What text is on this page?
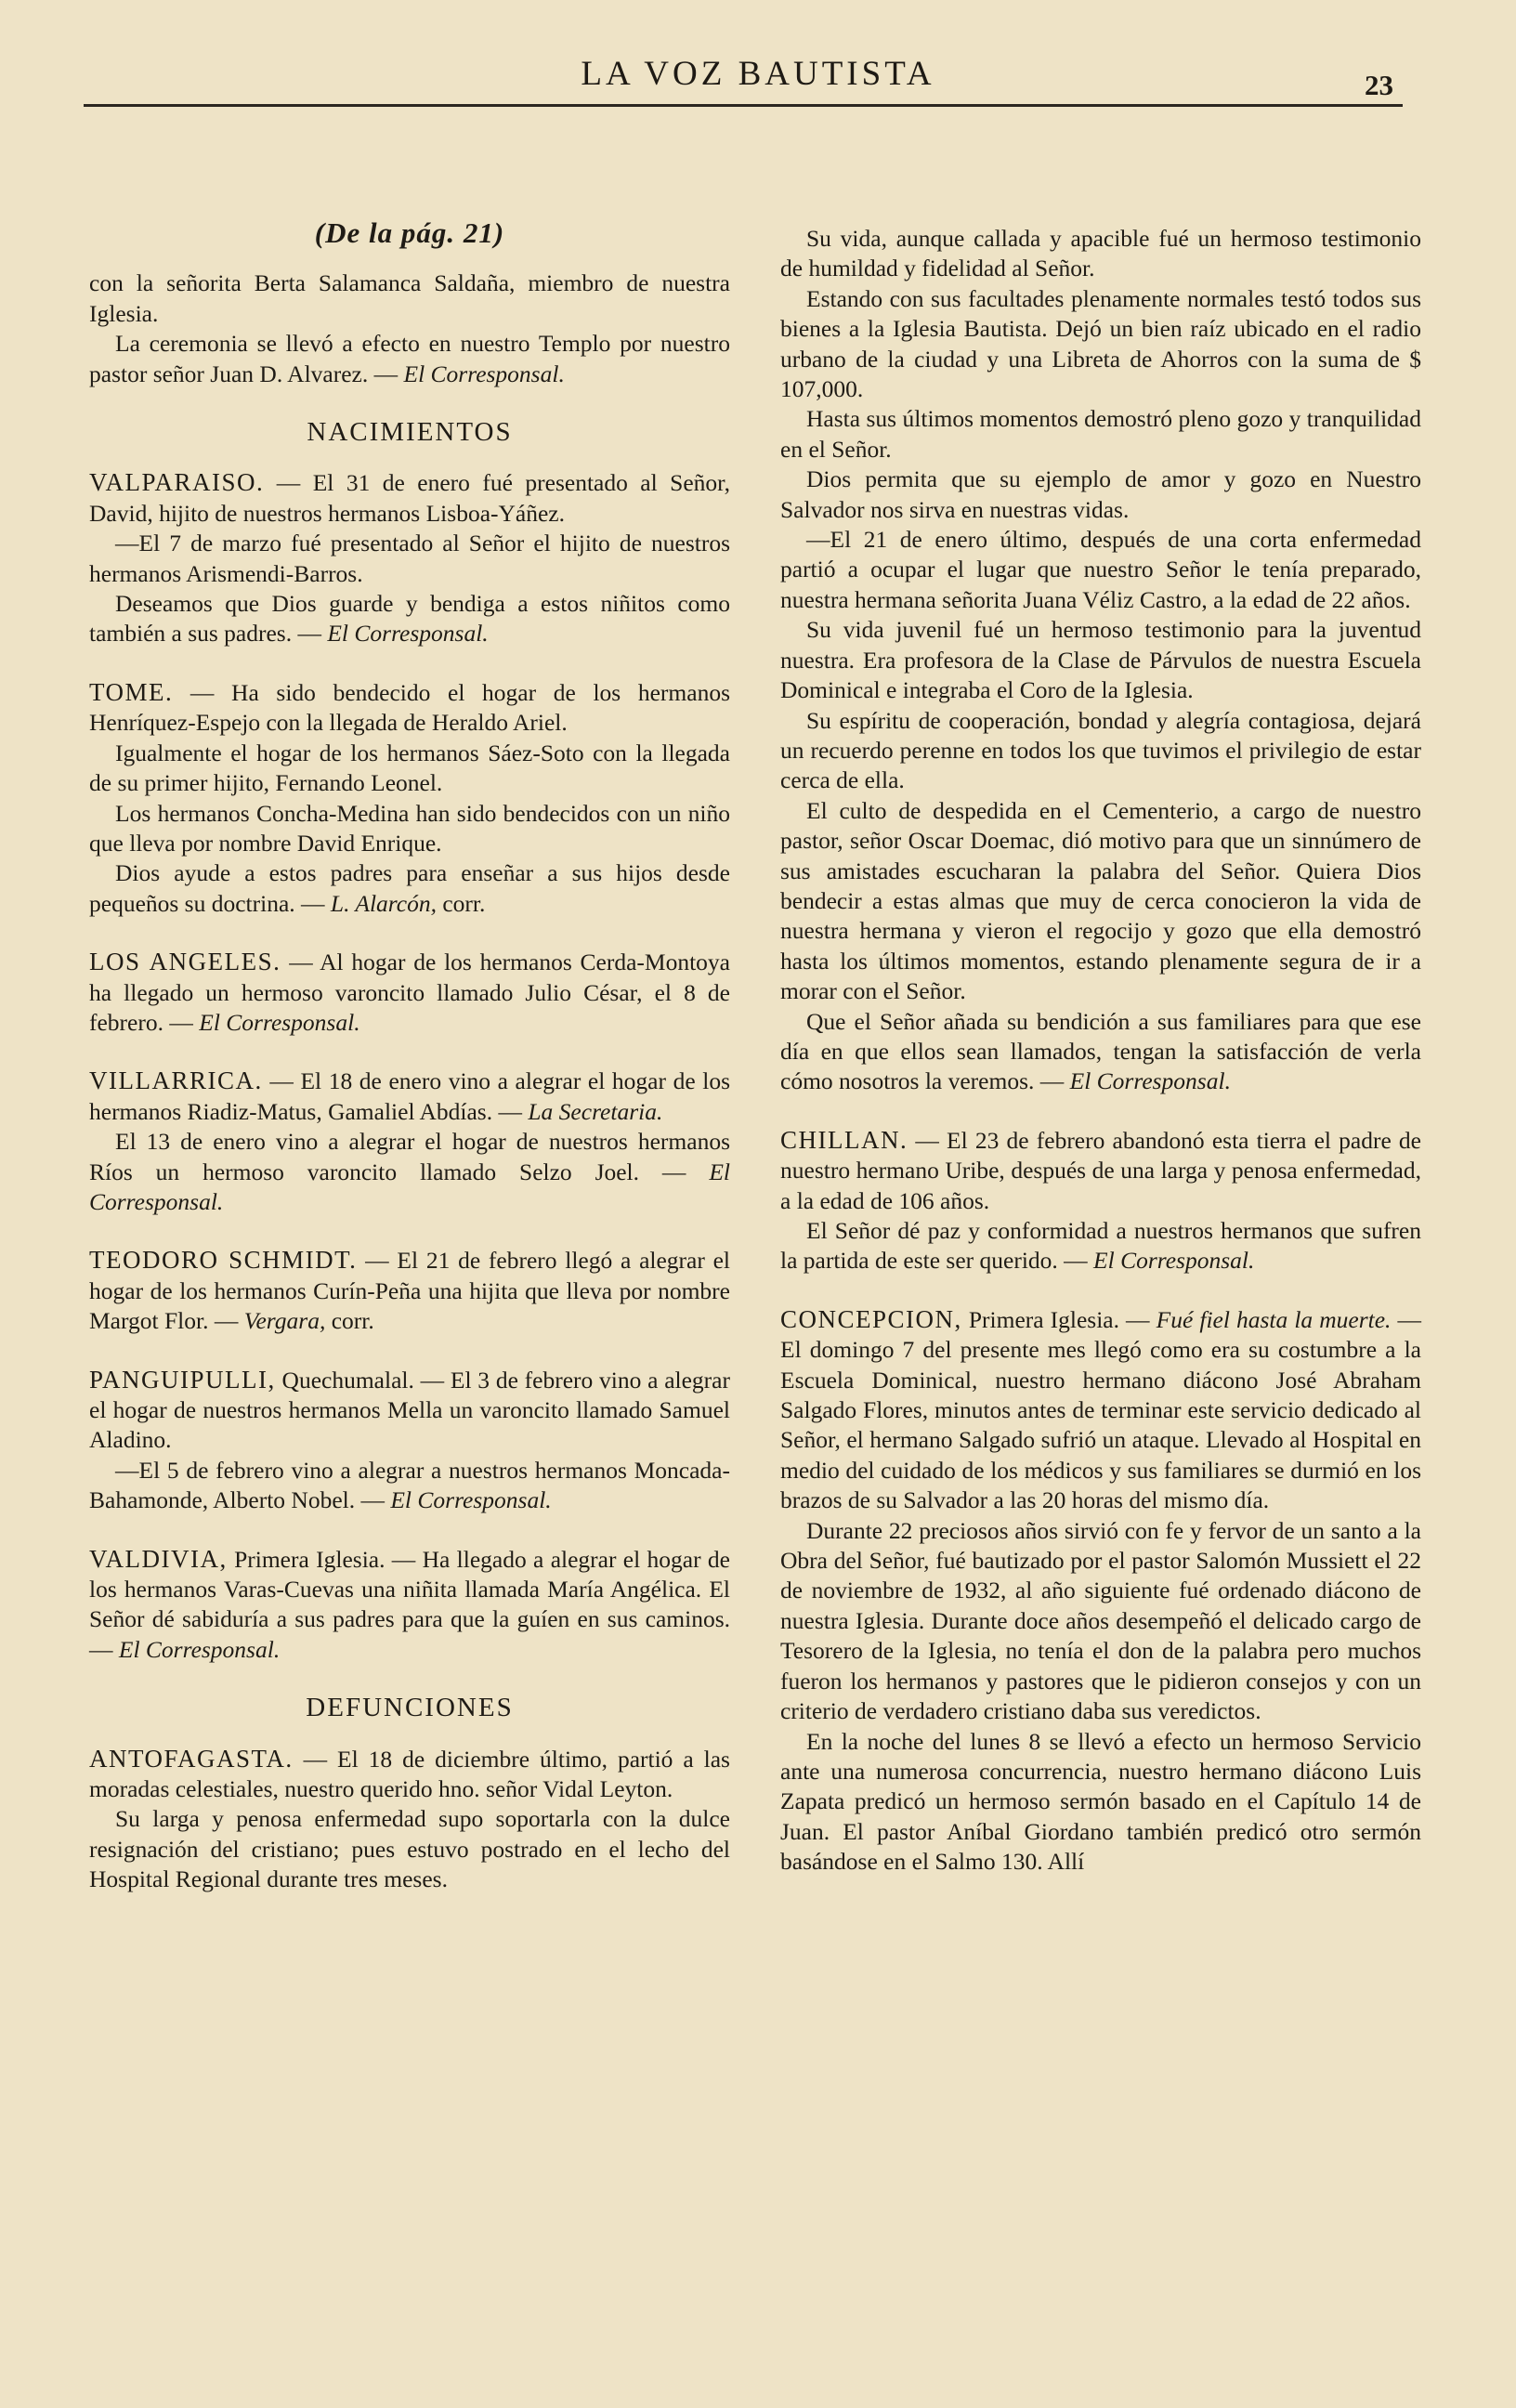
LA VOZ BAUTISTA	23
(De la pág. 21)

con la señorita Berta Salamanca Saldaña, miembro de nuestra Iglesia.

La ceremonia se llevó a efecto en nuestro Templo por nuestro pastor señor Juan D. Alvarez. — El Corresponsal.

NACIMIENTOS

VALPARAISO. — El 31 de enero fué presentado al Señor, David, hijito de nuestros hermanos Lisboa-Yáñez.

—El 7 de marzo fué presentado al Señor el hijito de nuestros hermanos Arismendi-Barros.

Deseamos que Dios guarde y bendiga a estos niñitos como también a sus padres. — El Corresponsal.

TOME. — Ha sido bendecido el hogar de los hermanos Henríquez-Espejo con la llegada de Heraldo Ariel.

Igualmente el hogar de los hermanos Sáez-Soto con la llegada de su primer hijito, Fernando Leonel.

Los hermanos Concha-Medina han sido bendecidos con un niño que lleva por nombre David Enrique.

Dios ayude a estos padres para enseñar a sus hijos desde pequeños su doctrina. — L. Alarcón, corr.

LOS ANGELES. — Al hogar de los hermanos Cerda-Montoya ha llegado un hermoso varoncito llamado Julio César, el 8 de febrero. — El Corresponsal.

VILLARRICA. — El 18 de enero vino a alegrar el hogar de los hermanos Riadiz-Matus, Gamaliel Abdías. — La Secretaria.

El 13 de enero vino a alegrar el hogar de nuestros hermanos Ríos un hermoso varoncito llamado Selzo Joel. — El Corresponsal.

TEODORO SCHMIDT. — El 21 de febrero llegó a alegrar el hogar de los hermanos Curín-Peña una hijita que lleva por nombre Margot Flor. — Vergara, corr.

PANGUIPULLI, Quechumalal. — El 3 de febrero vino a alegrar el hogar de nuestros hermanos Mella un varoncito llamado Samuel Aladino.

—El 5 de febrero vino a alegrar a nuestros hermanos Moncada-Bahamonde, Alberto Nobel. — El Corresponsal.

VALDIVIA, Primera Iglesia. — Ha llegado a alegrar el hogar de los hermanos Varas-Cuevas una niñita llamada María Angélica. El Señor dé sabiduría a sus padres para que la guíen en sus caminos. — El Corresponsal.

DEFUNCIONES

ANTOFAGASTA. — El 18 de diciembre último, partió a las moradas celestiales, nuestro querido hno. señor Vidal Leyton.

Su larga y penosa enfermedad supo soportarla con la dulce resignación del cristiano; pues estuvo postrado en el lecho del Hospital Regional durante tres meses.

Su vida, aunque callada y apacible fué un hermoso testimonio de humildad y fidelidad al Señor.

Estando con sus facultades plenamente normales testó todos sus bienes a la Iglesia Bautista. Dejó un bien raíz ubicado en el radio urbano de la ciudad y una Libreta de Ahorros con la suma de $ 107,000.

Hasta sus últimos momentos demostró pleno gozo y tranquilidad en el Señor.

Dios permita que su ejemplo de amor y gozo en Nuestro Salvador nos sirva en nuestras vidas.

—El 21 de enero último, después de una corta enfermedad partió a ocupar el lugar que nuestro Señor le tenía preparado, nuestra hermana señorita Juana Véliz Castro, a la edad de 22 años.

Su vida juvenil fué un hermoso testimonio para la juventud nuestra. Era profesora de la Clase de Párvulos de nuestra Escuela Dominical e integraba el Coro de la Iglesia.

Su espíritu de cooperación, bondad y alegría contagiosa, dejará un recuerdo perenne en todos los que tuvimos el privilegio de estar cerca de ella.

El culto de despedida en el Cementerio, a cargo de nuestro pastor, señor Oscar Doemac, dió motivo para que un sinnúmero de sus amistades escucharan la palabra del Señor. Quiera Dios bendecir a estas almas que muy de cerca conocieron la vida de nuestra hermana y vieron el regocijo y gozo que ella demostró hasta los últimos momentos, estando plenamente segura de ir a morar con el Señor.

Que el Señor añada su bendición a sus familiares para que ese día en que ellos sean llamados, tengan la satisfacción de verla cómo nosotros la veremos. — El Corresponsal.

CHILLAN. — El 23 de febrero abandonó esta tierra el padre de nuestro hermano Uribe, después de una larga y penosa enfermedad, a la edad de 106 años.

El Señor dé paz y conformidad a nuestros hermanos que sufren la partida de este ser querido. — El Corresponsal.

CONCEPCION, Primera Iglesia. — Fué fiel hasta la muerte. — El domingo 7 del presente mes llegó como era su costumbre a la Escuela Dominical, nuestro hermano diácono José Abraham Salgado Flores, minutos antes de terminar este servicio dedicado al Señor, el hermano Salgado sufrió un ataque. Llevado al Hospital en medio del cuidado de los médicos y sus familiares se durmió en los brazos de su Salvador a las 20 horas del mismo día.

Durante 22 preciosos años sirvió con fe y fervor de un santo a la Obra del Señor, fué bautizado por el pastor Salomón Mussiett el 22 de noviembre de 1932, al año siguiente fué ordenado diácono de nuestra Iglesia. Durante doce años desempeñó el delicado cargo de Tesorero de la Iglesia, no tenía el don de la palabra pero muchos fueron los hermanos y pastores que le pidieron consejos y con un criterio de verdadero cristiano daba sus veredictos.

En la noche del lunes 8 se llevó a efecto un hermoso Servicio ante una numerosa concurrencia, nuestro hermano diácono Luis Zapata predicó un hermoso sermón basado en el Capítulo 14 de Juan. El pastor Aníbal Giordano también predicó otro sermón basándose en el Salmo 130. Allí
